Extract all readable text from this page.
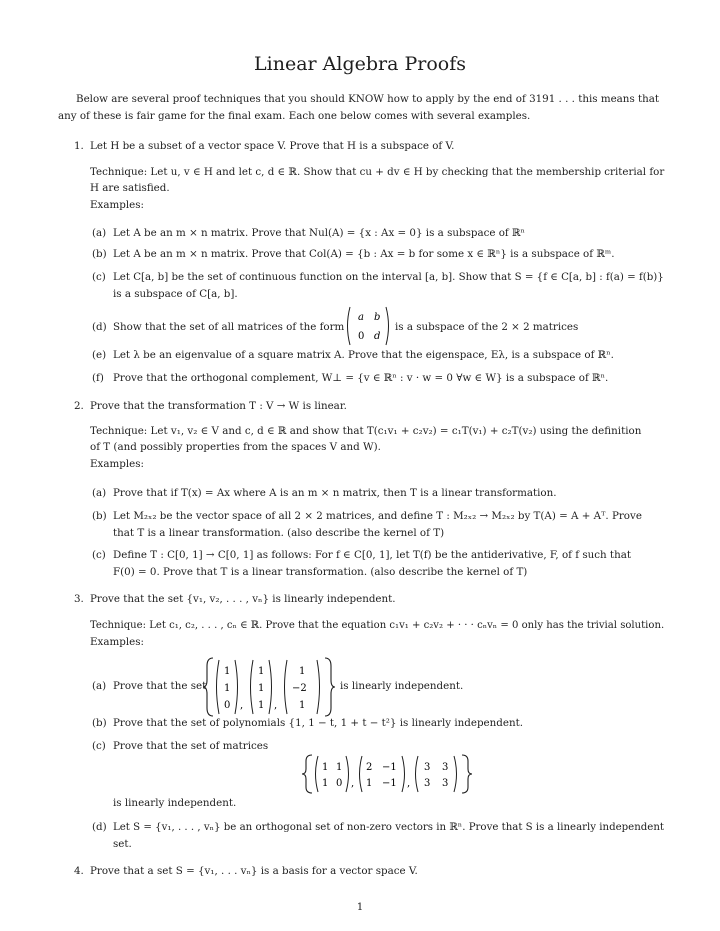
Linear Algebra Proofs
Below are several proof techniques that you should KNOW how to apply by the end of 3191 . . . this means that
any of these is fair game for the final exam. Each one below comes with several examples.
1. Let H be a subset of a vector space V. Prove that H is a subspace of V.
Technique: Let u, v ∈ H and let c, d ∈ ℝ. Show that cu + dv ∈ H by checking that the membership criterial for
H are satisfied.
Examples:
(a) Let A be an m × n matrix. Prove that Nul(A) = {x : Ax = 0} is a subspace of ℝⁿ
(b) Let A be an m × n matrix. Prove that Col(A) = {b : Ax = b for some x ∈ ℝⁿ} is a subspace of ℝᵐ.
(c) Let C[a, b] be the set of continuous function on the interval [a, b]. Show that S = {f ∈ C[a, b] : f(a) = f(b)}
is a subspace of C[a, b].
(d) Show that the set of all matrices of the form
a b
0 d
is a subspace of the 2 × 2 matrices
(e) Let λ be an eigenvalue of a square matrix A. Prove that the eigenspace, Eλ, is a subspace of ℝⁿ.
(f) Prove that the orthogonal complement, W⊥ = {v ∈ ℝⁿ : v · w = 0 ∀w ∈ W} is a subspace of ℝⁿ.
2. Prove that the transformation T : V → W is linear.
Technique: Let v₁, v₂ ∈ V and c, d ∈ ℝ and show that T(c₁v₁ + c₂v₂) = c₁T(v₁) + c₂T(v₂) using the definition
of T (and possibly properties from the spaces V and W).
Examples:
(a) Prove that if T(x) = Ax where A is an m × n matrix, then T is a linear transformation.
(b) Let M₂ₓ₂ be the vector space of all 2 × 2 matrices, and define T : M₂ₓ₂ → M₂ₓ₂ by T(A) = A + Aᵀ. Prove
that T is a linear transformation. (also describe the kernel of T)
(c) Define T : C[0, 1] → C[0, 1] as follows: For f ∈ C[0, 1], let T(f) be the antiderivative, F, of f such that
F(0) = 0. Prove that T is a linear transformation. (also describe the kernel of T)
3. Prove that the set {v₁, v₂, . . . , vₙ} is linearly independent.
Technique: Let c₁, c₂, . . . , cₙ ∈ ℝ. Prove that the equation c₁v₁ + c₂v₂ + · · · cₙvₙ = 0 only has the trivial solution.
Examples:
(a) Prove that the set
1
1
0 ,
1
1
1 ,
1
−2
1
is linearly independent.
(b) Prove that the set of polynomials {1, 1 − t, 1 + t − t²} is linearly independent.
(c) Prove that the set of matrices
1 1
1 0 ,
2 −1
1 −1 ,
3 3
3 3
is linearly independent.
(d) Let S = {v₁, . . . , vₙ} be an orthogonal set of non-zero vectors in ℝⁿ. Prove that S is a linearly independent
set.
4. Prove that a set S = {v₁, . . . vₙ} is a basis for a vector space V.
1
